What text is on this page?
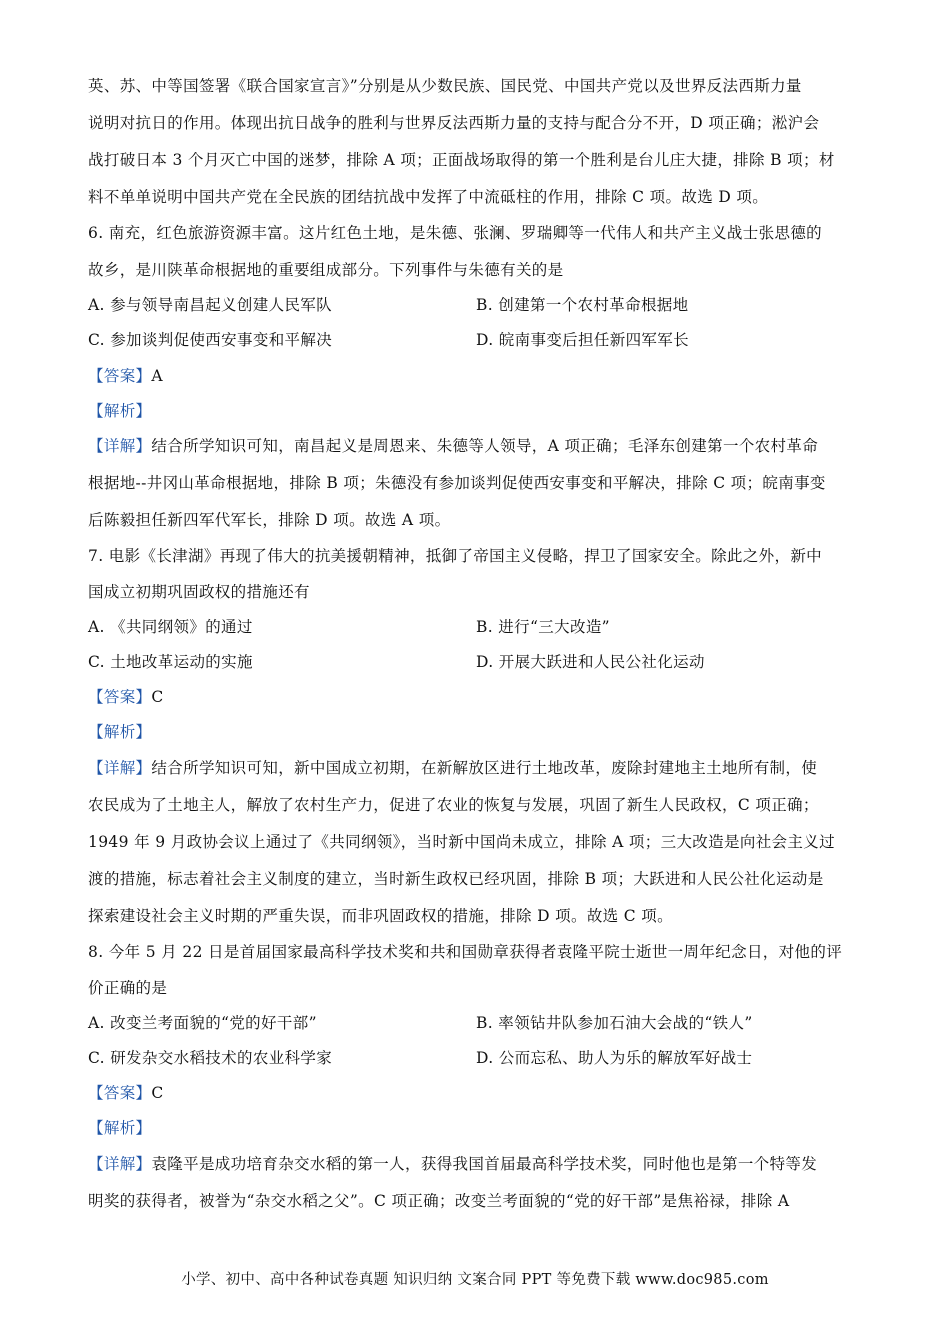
英、苏、中等国签署《联合国家宣言》”分别是从少数民族、国民党、中国共产党以及世界反法西斯力量
说明对抗日的作用。体现出抗日战争的胜利与世界反法西斯力量的支持与配合分不开，D 项正确；淞沪会
战打破日本 3 个月灭亡中国的迷梦，排除 A 项；正面战场取得的第一个胜利是台儿庄大捷，排除 B 项；材
料不单单说明中国共产党在全民族的团结抗战中发挥了中流砥柱的作用，排除 C 项。故选 D 项。
6. 南充，红色旅游资源丰富。这片红色土地，是朱德、张澜、罗瑞卿等一代伟人和共产主义战士张思德的
故乡，是川陕革命根据地的重要组成部分。下列事件与朱德有关的是
A. 参与领导南昌起义创建人民军队	B. 创建第一个农村革命根据地
C. 参加谈判促使西安事变和平解决	D. 皖南事变后担任新四军军长
【答案】A
【解析】
【详解】结合所学知识可知，南昌起义是周恩来、朱德等人领导，A 项正确；毛泽东创建第一个农村革命
根据地--井冈山革命根据地，排除 B 项；朱德没有参加谈判促使西安事变和平解决，排除 C 项；皖南事变
后陈毅担任新四军代军长，排除 D 项。故选 A 项。
7. 电影《长津湖》再现了伟大的抗美援朝精神，抵御了帝国主义侵略，捍卫了国家安全。除此之外，新中
国成立初期巩固政权的措施还有
A. 《共同纲领》的通过	B. 进行“三大改造”
C. 土地改革运动的实施	D. 开展大跃进和人民公社化运动
【答案】C
【解析】
【详解】结合所学知识可知，新中国成立初期，在新解放区进行土地改革，废除封建地主土地所有制，使
农民成为了土地主人，解放了农村生产力，促进了农业的恢复与发展，巩固了新生人民政权，C 项正确；
1949 年 9 月政协会议上通过了《共同纲领》，当时新中国尚未成立，排除 A 项；三大改造是向社会主义过
渡的措施，标志着社会主义制度的建立，当时新生政权已经巩固，排除 B 项；大跃进和人民公社化运动是
探索建设社会主义时期的严重失误，而非巩固政权的措施，排除 D 项。故选 C 项。
8. 今年 5 月 22 日是首届国家最高科学技术奖和共和国勋章获得者袁隆平院士逝世一周年纪念日，对他的评
价正确的是
A. 改变兰考面貌的“党的好干部”	B. 率领钻井队参加石油大会战的“铁人”
C. 研发杂交水稻技术的农业科学家	D. 公而忘私、助人为乐的解放军好战士
【答案】C
【解析】
【详解】袁隆平是成功培育杂交水稻的第一人，获得我国首届最高科学技术奖，同时他也是第一个特等发
明奖的获得者，被誉为“杂交水稻之父”。C 项正确；改变兰考面貌的“党的好干部”是焦裕禄，排除 A
小学、初中、高中各种试卷真题 知识归纳 文案合同 PPT 等免费下载 www.doc985.com
